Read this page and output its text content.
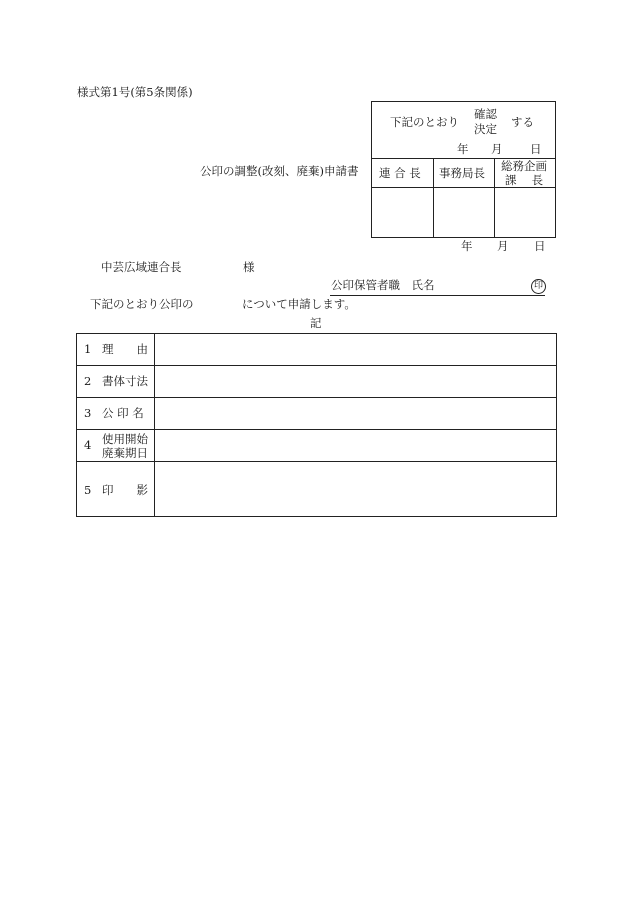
様式第1号(第5条関係)
下記のとおり
確認
決定 する
年 月 日
連 合 長 事務局長 総務企画
課　 長
公印の調整(改刻、廃棄)申請書
年 月 日
中芸広域連合長	様
公印保管者職　氏名	印
下記のとおり公印の	について申請します。
記
1 理　　由
2 書体寸法
3 公 印 名
4 使用開始
廃棄期日
5 印　　影
